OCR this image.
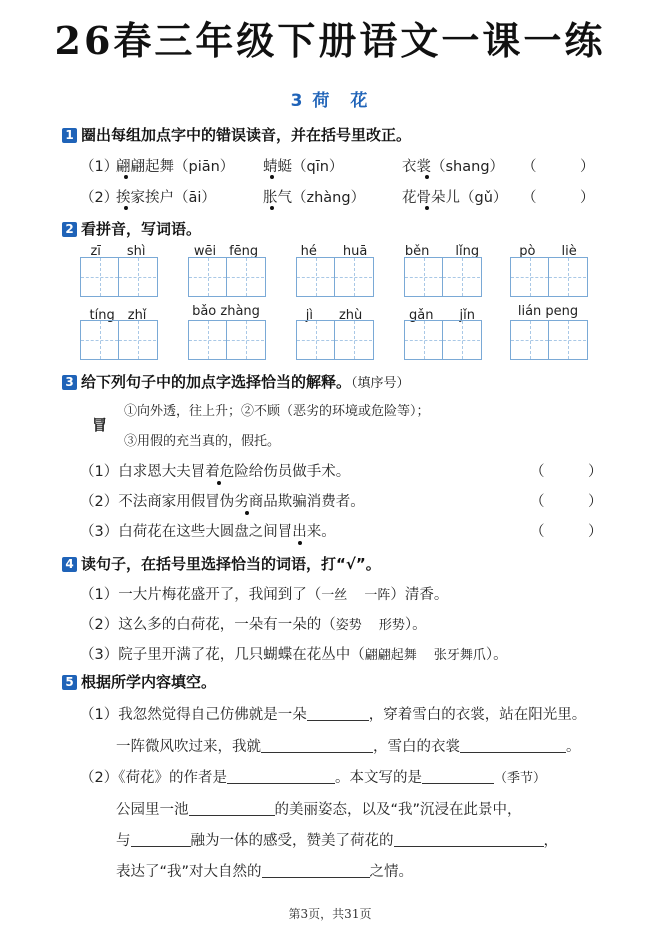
26春三年级下册语文一课一练
3 荷　花
1 圈出每组加点字中的错误读音，并在括号里改正。
（1）
翩翩起舞（piān） 蜻蜓（qīn）	衣裳（shang） （　　　）
（2）
挨家挨户（āi）	胀气（zhàng）	花骨朵儿（gǔ） （　　　）
2 看拼音，写词语。
zī　　shì	wēi　fēng	hé　　huā	běn　　lǐng	pò　　liè
tíng　zhǐ	bǎo zhàng	jì　　zhù	gǎn　　jǐn	lián peng
3 给下列句子中的加点字选择恰当的解释。（填序号）
冒
①向外透，往上升；②不顾（恶劣的环境或危险等）；
③用假的充当真的，假托。
（1）白求恩大夫冒着危险给伤员做手术。	（　　　）
（2）不法商家用假冒伪劣商品欺骗消费者。	（　　　）
（3）白荷花在这些大圆盘之间冒出来。	（　　　）
4 读句子，在括号里选择恰当的词语，打“√”。
（1）一大片梅花盛开了，我闻到了（一丝　 一阵）清香。
（2）这么多的白荷花，一朵有一朵的（姿势　 形势）。
（3）院子里开满了花，几只蝴蝶在花丛中（翩翩起舞　 张牙舞爪）。
5 根据所学内容填空。
（1）我忽然觉得自己仿佛就是一朵	，穿着雪白的衣裳，站在阳光里。
一阵微风吹过来，我就	，雪白的衣裳	。
（2）《荷花》的作者是	。本文写的是	（季节）
公园里一池	的美丽姿态，以及“我”沉浸在此景中，
与	融为一体的感受，赞美了荷花的	，
表达了“我”对大自然的	之情。
第3页，共31页
